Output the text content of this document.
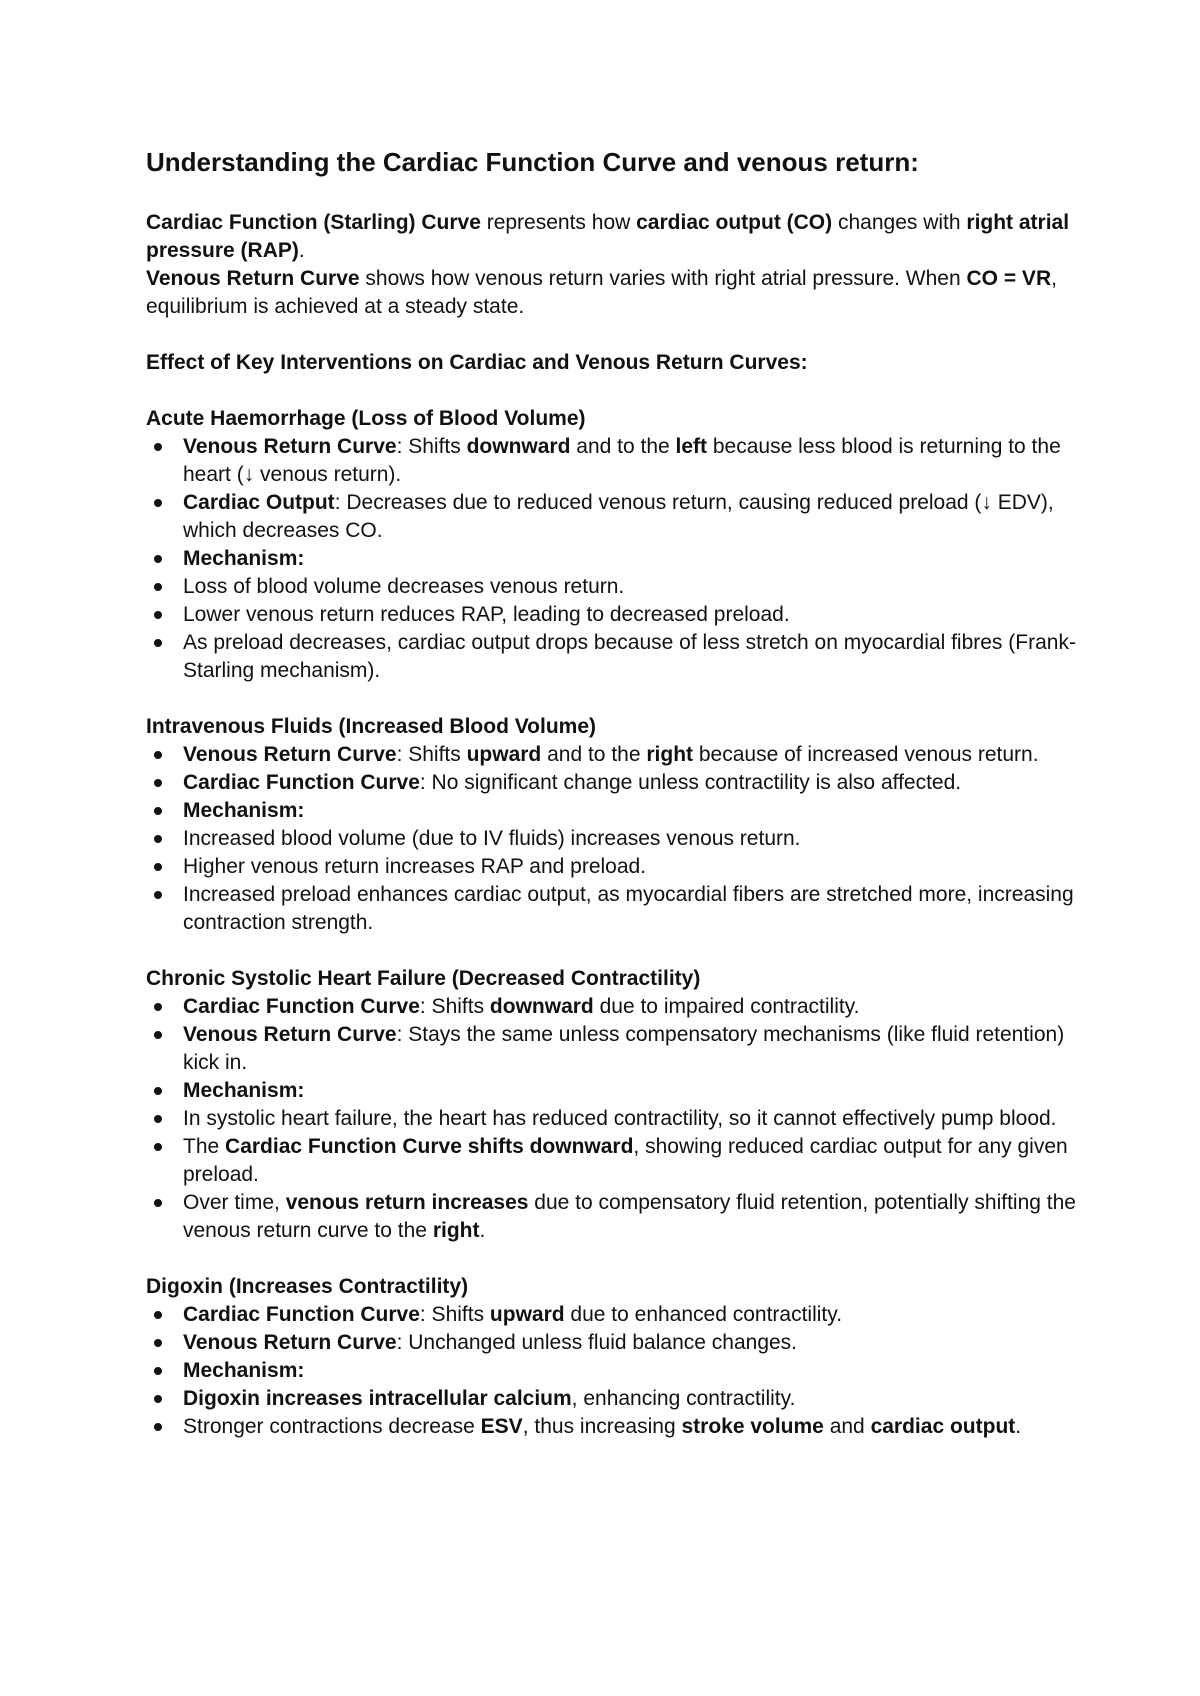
Understanding the Cardiac Function Curve and venous return:

Cardiac Function (Starling) Curve represents how cardiac output (CO) changes with right atrial pressure (RAP).

Venous Return Curve shows how venous return varies with right atrial pressure. When CO = VR, equilibrium is achieved at a steady state.

Effect of Key Interventions on Cardiac and Venous Return Curves:

Acute Haemorrhage (Loss of Blood Volume)

Venous Return Curve: Shifts downward and to the left because less blood is returning to the heart (↓ venous return).
Cardiac Output: Decreases due to reduced venous return, causing reduced preload (↓ EDV), which decreases CO.
Mechanism:
Loss of blood volume decreases venous return.
Lower venous return reduces RAP, leading to decreased preload.
As preload decreases, cardiac output drops because of less stretch on myocardial fibres (Frank-Starling mechanism).

Intravenous Fluids (Increased Blood Volume)

Venous Return Curve: Shifts upward and to the right because of increased venous return.
Cardiac Function Curve: No significant change unless contractility is also affected.
Mechanism:
Increased blood volume (due to IV fluids) increases venous return.
Higher venous return increases RAP and preload.
Increased preload enhances cardiac output, as myocardial fibers are stretched more, increasing contraction strength.

Chronic Systolic Heart Failure (Decreased Contractility)

Cardiac Function Curve: Shifts downward due to impaired contractility.
Venous Return Curve: Stays the same unless compensatory mechanisms (like fluid retention) kick in.
Mechanism:
In systolic heart failure, the heart has reduced contractility, so it cannot effectively pump blood.
The Cardiac Function Curve shifts downward, showing reduced cardiac output for any given preload.
Over time, venous return increases due to compensatory fluid retention, potentially shifting the venous return curve to the right.

Digoxin (Increases Contractility)

Cardiac Function Curve: Shifts upward due to enhanced contractility.
Venous Return Curve: Unchanged unless fluid balance changes.
Mechanism:
Digoxin increases intracellular calcium, enhancing contractility.
Stronger contractions decrease ESV, thus increasing stroke volume and cardiac output.
